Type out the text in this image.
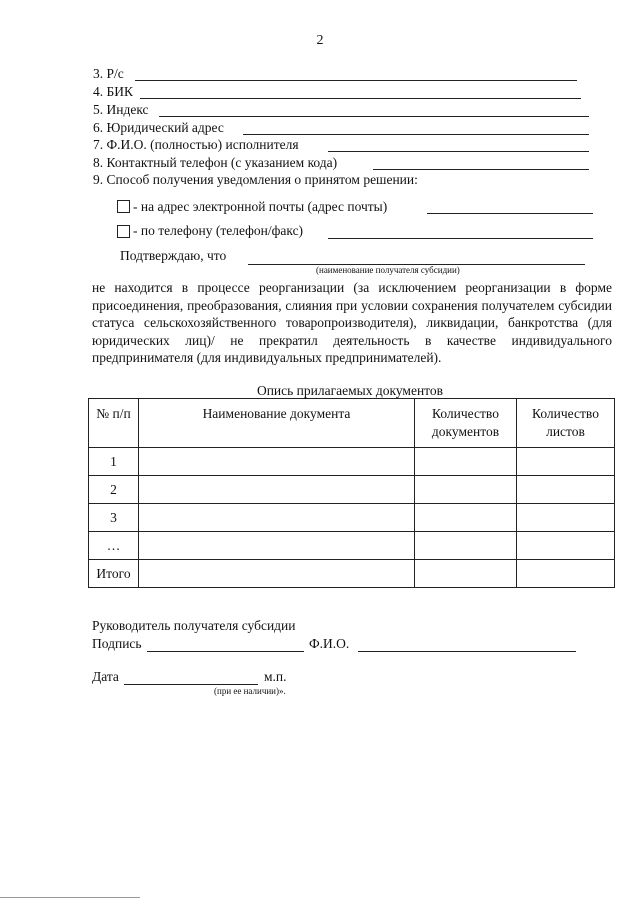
2
3. Р/с
4. БИК
5. Индекс
6. Юридический адрес
7. Ф.И.О. (полностью) исполнителя
8. Контактный телефон (с указанием кода)
9. Способ получения уведомления о принятом решении:
- на адрес электронной почты (адрес почты)
- по телефону (телефон/факс)
Подтверждаю, что
(наименование получателя субсидии)
не находится в процессе реорганизации (за исключением реорганизации в форме присоединения, преобразования, слияния при условии сохранения получателем субсидии статуса сельскохозяйственного товаропроизводителя), ликвидации, банкротства (для юридических лиц)/ не прекратил деятельность в качестве индивидуального предпринимателя (для индивидуальных предпринимателей).
Опись прилагаемых документов
№ п/п	Наименование документа	Количество документов	Количество листов
1			
2			
3			
…			
Итого			
Руководитель получателя субсидии
Подпись	Ф.И.О.
Дата	м.п.
(при ее наличии)».
